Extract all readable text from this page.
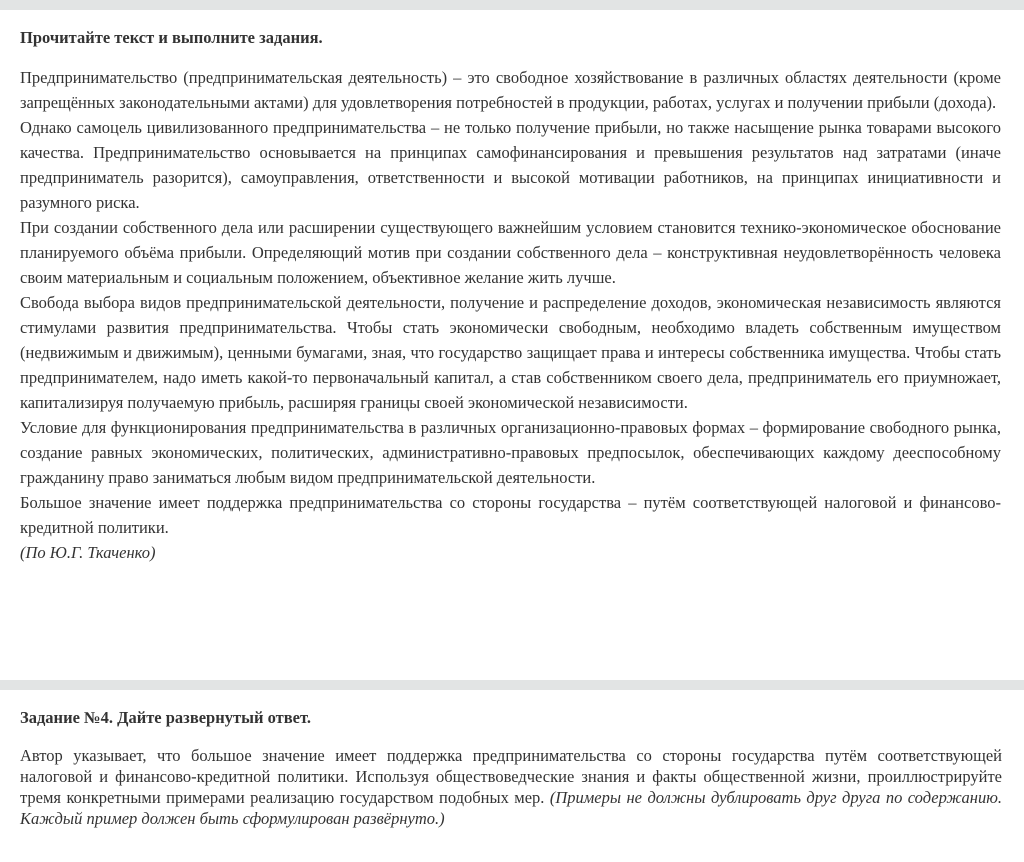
Прочитайте текст и выполните задания.

Предпринимательство (предпринимательская деятельность) – это свободное хозяйствование в различных областях деятельности (кроме запрещённых законодательными актами) для удовлетворения потребностей в продукции, работах, услугах и получении прибыли (дохода).

Однако самоцель цивилизованного предпринимательства – не только получение прибыли, но также насыщение рынка товарами высокого качества. Предпринимательство основывается на принципах самофинансирования и превышения результатов над затратами (иначе предприниматель разорится), самоуправления, ответственности и высокой мотивации работников, на принципах инициативности и разумного риска.

При создании собственного дела или расширении существующего важнейшим условием становится технико-экономическое обоснование планируемого объёма прибыли. Определяющий мотив при создании собственного дела – конструктивная неудовлетворённость человека своим материальным и социальным положением, объективное желание жить лучше.

Свобода выбора видов предпринимательской деятельности, получение и распределение доходов, экономическая независимость являются стимулами развития предпринимательства. Чтобы стать экономически свободным, необходимо владеть собственным имуществом (недвижимым и движимым), ценными бумагами, зная, что государство защищает права и интересы собственника имущества. Чтобы стать предпринимателем, надо иметь какой-то первоначальный капитал, а став собственником своего дела, предприниматель его приумножает, капитализируя получаемую прибыль, расширяя границы своей экономической независимости.

Условие для функционирования предпринимательства в различных организационно-правовых формах – формирование свободного рынка, создание равных экономических, политических, административно-правовых предпосылок, обеспечивающих каждому дееспособному гражданину право заниматься любым видом предпринимательской деятельности.

Большое значение имеет поддержка предпринимательства со стороны государства – путём соответствующей налоговой и финансово-кредитной политики.

(По Ю.Г. Ткаченко)

Задание №4. Дайте развернутый ответ.
Автор указывает, что большое значение имеет поддержка предпринимательства со стороны государства путём соответствующей налоговой и финансово-кредитной политики. Используя обществоведческие знания и факты общественной жизни, проиллюстрируйте тремя конкретными примерами реализацию государством подобных мер. (Примеры не должны дублировать друг друга по содержанию. Каждый пример должен быть сформулирован развёрнуто.)
